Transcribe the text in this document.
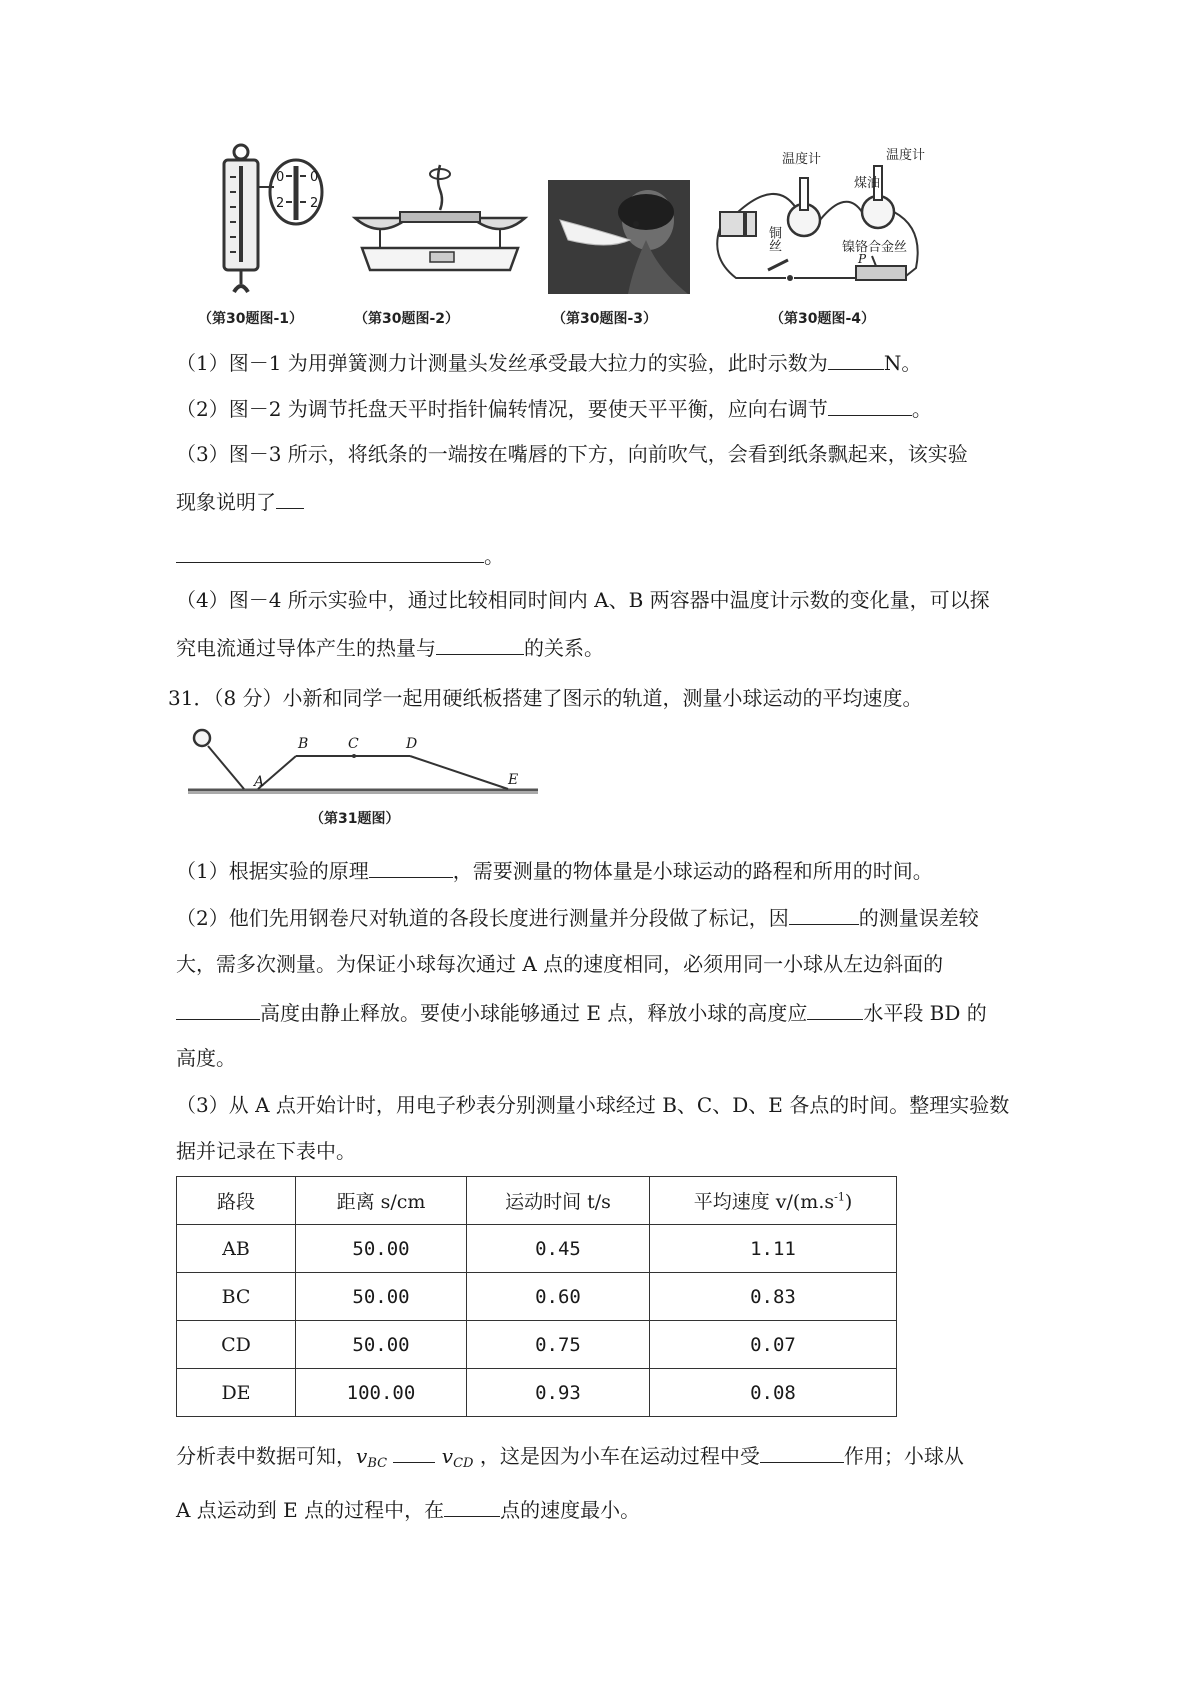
0 0
2 2
（第30题图-1）	（第30题图-2）	（第30题图-3）
温度计	温度计
煤油
铜丝	镍铬合金丝
P
（第30题图-4）
（1）图－1 为用弹簧测力计测量头发丝承受最大拉力的实验，此时示数为	N。
（2）图－2 为调节托盘天平时指针偏转情况，要使天平平衡，应向右调节	。
（3）图－3 所示，将纸条的一端按在嘴唇的下方，向前吹气，会看到纸条飘起来，该实验
现象说明了
。
（4）图－4 所示实验中，通过比较相同时间内 A、B 两容器中温度计示数的变化量，可以探
究电流通过导体产生的热量与	的关系。
31．（8 分）小新和同学一起用硬纸板搭建了图示的轨道，测量小球运动的平均速度。
A
B	C	D
E
（第31题图）
（1）根据实验的原理	，需要测量的物体量是小球运动的路程和所用的时间。
（2）他们先用钢卷尺对轨道的各段长度进行测量并分段做了标记，因	的测量误差较
大，需多次测量。为保证小球每次通过 A 点的速度相同，必须用同一小球从左边斜面的
高度由静止释放。要使小球能够通过 E 点，释放小球的高度应	水平段 BD 的
高度。
（3）从 A 点开始计时，用电子秒表分别测量小球经过 B、C、D、E 各点的时间。整理实验数
据并记录在下表中。
路段	距离 s/cm	运动时间 t/s	平均速度 $v/(m.s^{-1})$
AB	50.00	0.45	1.11
BC	50.00	0.60	0.83
CD	50.00	0.75	0.07
DE	100.00	0.93	0.08
分析表中数据可知，$v_{BC}$	$v_{CD}$ ，这是因为小车在运动过程中受	作用；小球从
A 点运动到 E 点的过程中，在	点的速度最小。
